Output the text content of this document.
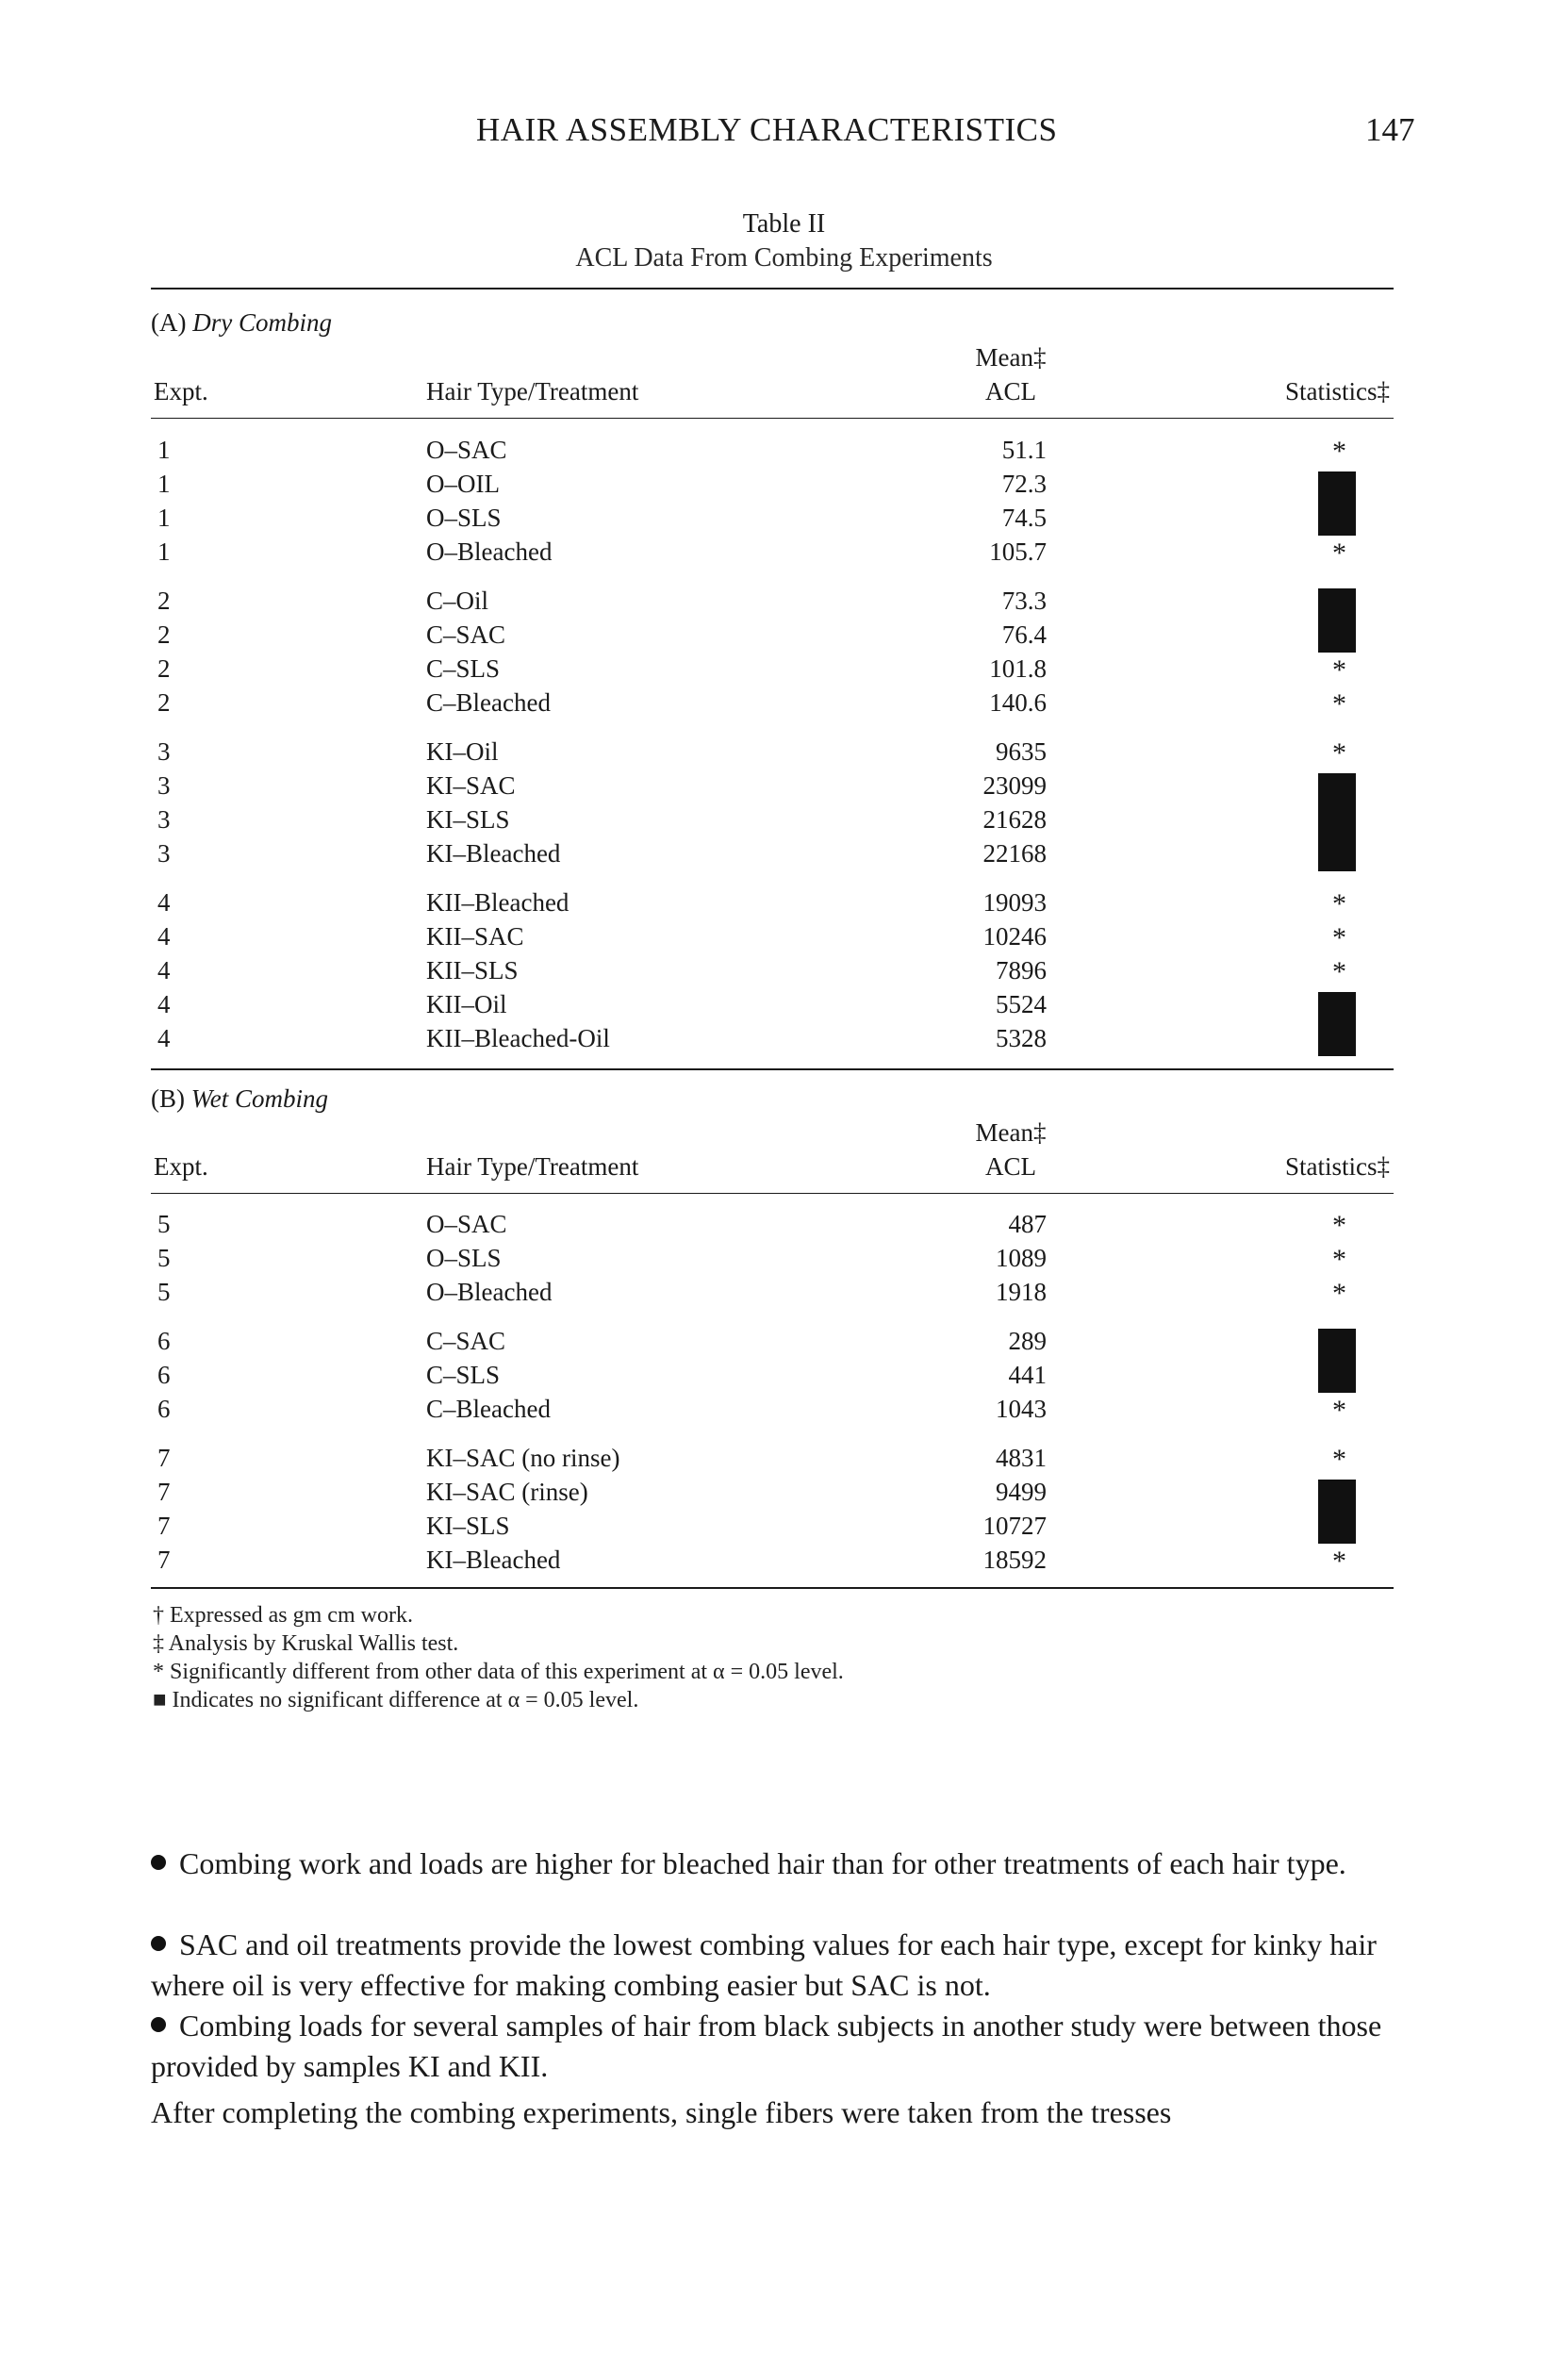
HAIR ASSEMBLY CHARACTERISTICS	147
Table II
ACL Data From Combing Experiments
(A) Dry Combing
Expt.	Hair Type/Treatment
Mean‡
ACL	Statistics‡
1	O–SAC	51.1	*
1	O–OIL	72.3
1	O–SLS	74.5
1	O–Bleached	105.7	*
2	C–Oil	73.3
2	C–SAC	76.4
2	C–SLS	101.8	*
2	C–Bleached	140.6	*
3	KI–Oil	9635	*
3	KI–SAC	23099
3	KI–SLS	21628
3	KI–Bleached	22168
4	KII–Bleached	19093	*
4	KII–SAC	10246	*
4	KII–SLS	7896	*
4	KII–Oil	5524
4	KII–Bleached-Oil	5328
(B) Wet Combing
Expt.	Hair Type/Treatment
Mean‡
ACL	Statistics‡
5	O–SAC	487	*
5	O–SLS	1089	*
5	O–Bleached	1918	*
6	C–SAC	289
6	C–SLS	441
6	C–Bleached	1043	*
7	KI–SAC (no rinse)	4831	*
7	KI–SAC (rinse)	9499
7	KI–SLS	10727
7	KI–Bleached	18592	*
† Expressed as gm cm work.
‡ Analysis by Kruskal Wallis test.
* Significantly different from other data of this experiment at α = 0.05 level.
■ Indicates no significant difference at α = 0.05 level.
Combing work and loads are higher for bleached hair than for other treatments of each hair type.
SAC and oil treatments provide the lowest combing values for each hair type, except for kinky hair where oil is very effective for making combing easier but SAC is not.
Combing loads for several samples of hair from black subjects in another study were between those provided by samples KI and KII.
After completing the combing experiments, single fibers were taken from the tresses
